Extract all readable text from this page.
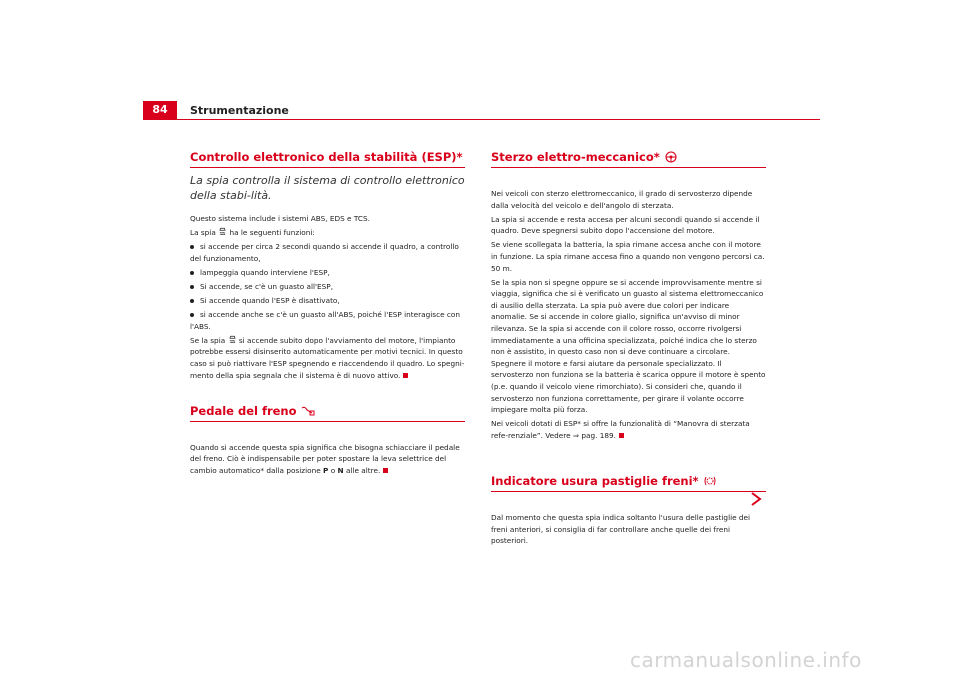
84	Strumentazione
Controllo elettronico della stabilità (ESP)*
La spia controlla il sistema di controllo elettronico della stabi-lità.

Questo sistema include i sistemi ABS, EDS e TCS.

La spia ha le seguenti funzioni:

si accende per circa 2 secondi quando si accende il quadro, a controllo del funzionamento,

lampeggia quando interviene l'ESP,

Si accende, se c'è un guasto all'ESP,

Si accende quando l'ESP è disattivato,

si accende anche se c'è un guasto all'ABS, poiché l'ESP interagisce con l'ABS.

Se la spia si accende subito dopo l'avviamento del motore, l'impianto potrebbe essersi disinserito automaticamente per motivi tecnici. In questo caso si può riattivare l'ESP spegnendo e riaccendendo il quadro. Lo spegni-mento della spia segnala che il sistema è di nuovo attivo.

Pedale del freno

Quando si accende questa spia significa che bisogna schiacciare il pedale del freno. Ciò è indispensabile per poter spostare la leva selettrice del cambio automatico* dalla posizione P o N alle altre.

Sterzo elettro-meccanico*

Nei veicoli con sterzo elettromeccanico, il grado di servosterzo dipende dalla velocità del veicolo e dell'angolo di sterzata.

La spia si accende e resta accesa per alcuni secondi quando si accende il quadro. Deve spegnersi subito dopo l'accensione del motore.

Se viene scollegata la batteria, la spia rimane accesa anche con il motore in funzione. La spia rimane accesa fino a quando non vengono percorsi ca. 50 m.

Se la spia non si spegne oppure se si accende improvvisamente mentre si viaggia, significa che si è verificato un guasto al sistema elettromeccanico di ausilio della sterzata. La spia può avere due colori per indicare anomalie. Se si accende in colore giallo, significa un'avviso di minor rilevanza. Se la spia si accende con il colore rosso, occorre rivolgersi immediatamente a una officina specializzata, poiché indica che lo sterzo non è assistito, in questo caso non si deve continuare a circolare. Spegnere il motore e farsi aiutare da personale specializzato. Il servosterzo non funziona se la batteria è scarica oppure il motore è spento (p.e. quando il veicolo viene rimorchiato). Si consideri che, quando il servosterzo non funziona correttamente, per girare il volante occorre impiegare molta più forza.

Nei veicoli dotati di ESP* si offre la funzionalità di “Manovra di sterzata refe-renziale”. Vedere ⇒ pag. 189.

Indicatore usura pastiglie freni*

Dal momento che questa spia indica soltanto l'usura delle pastiglie dei freni anteriori, si consiglia di far controllare anche quelle dei freni posteriori.

carmanualsonline.info
